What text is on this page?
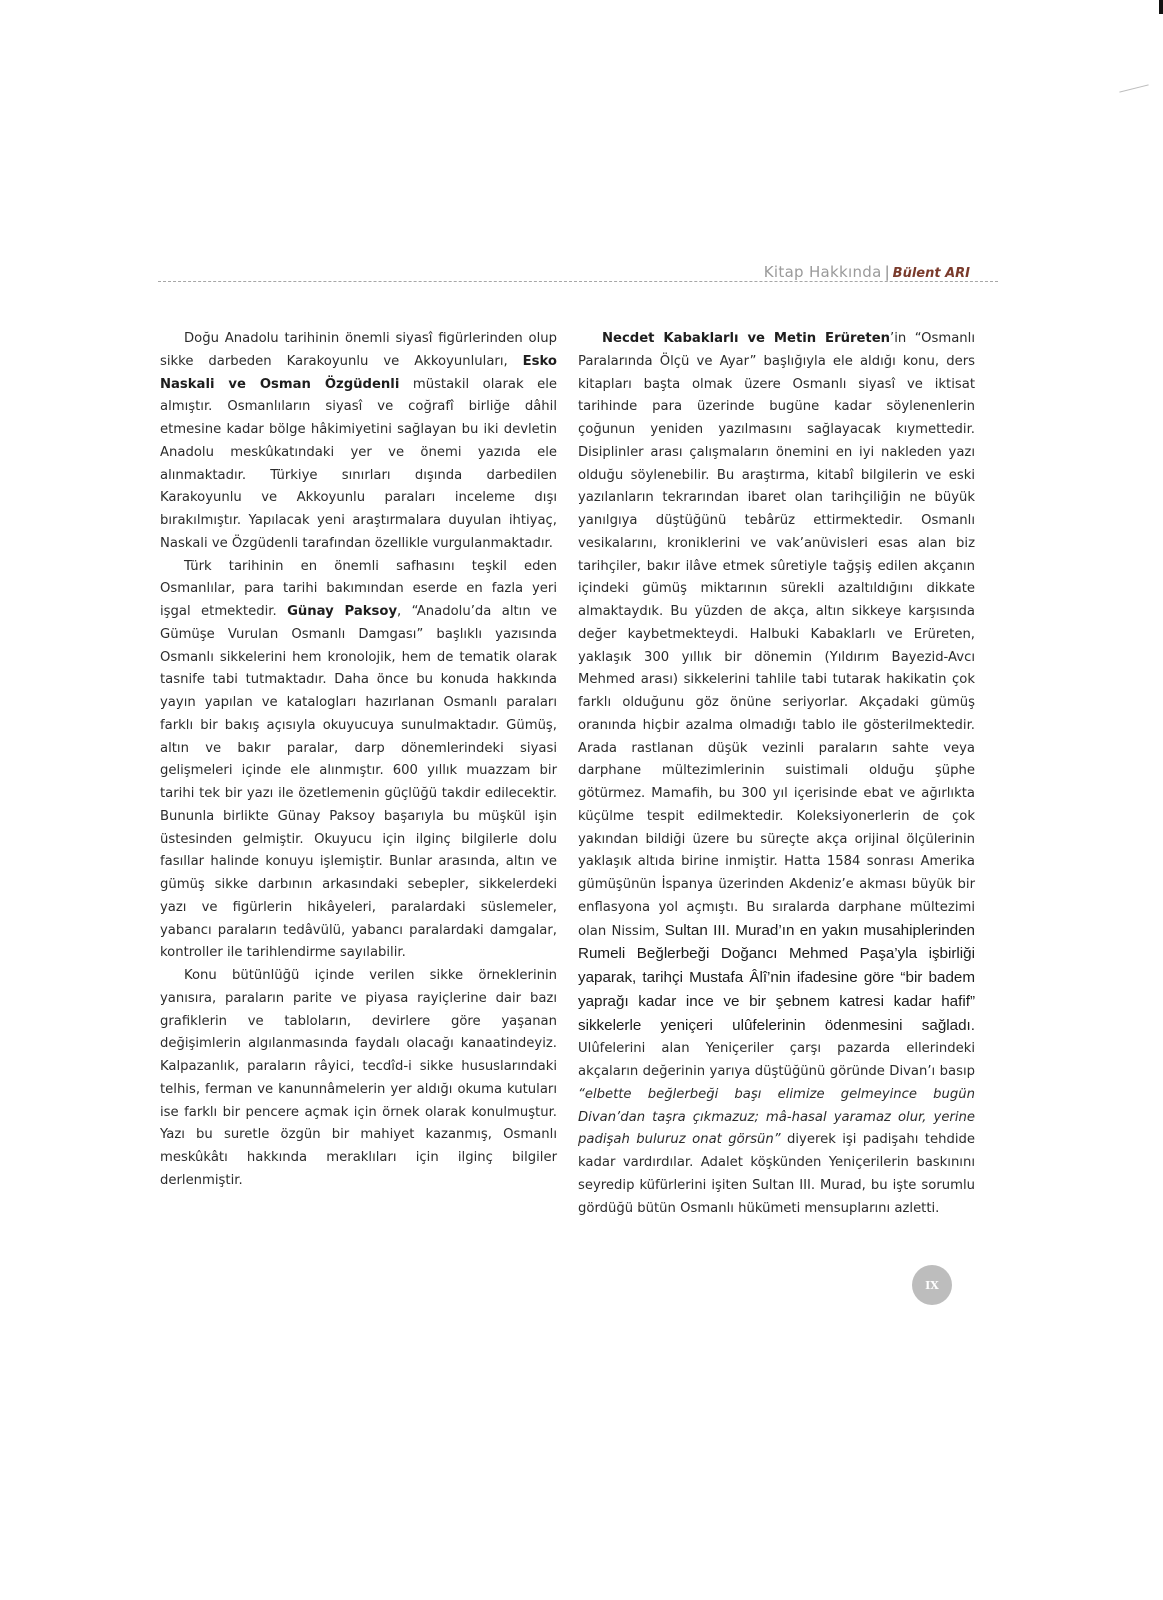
Kitap Hakkında | Bülent ARI

Doğu Anadolu tarihinin önemli siyasî figürlerinden olup sikke darbeden Karakoyunlu ve Akkoyunluları, Esko Naskali ve Osman Özgüdenli müstakil olarak ele almıştır. Osmanlıların siyasî ve coğrafî birliğe dâhil etmesine kadar bölge hâkimiyetini sağlayan bu iki devletin Anadolu meskûkatındaki yer ve önemi yazıda ele alınmaktadır. Türkiye sınırları dışında darbedilen Karakoyunlu ve Akkoyunlu paraları inceleme dışı bırakılmıştır. Yapılacak yeni araştırmalara duyulan ihtiyaç, Naskali ve Özgüdenli tarafından özellikle vurgulanmaktadır.

Türk tarihinin en önemli safhasını teşkil eden Osmanlılar, para tarihi bakımından eserde en fazla yeri işgal etmektedir. Günay Paksoy, “Anadolu’da altın ve Gümüşe Vurulan Osmanlı Damgası” başlıklı yazısında Osmanlı sikkelerini hem kronolojik, hem de tematik olarak tasnife tabi tutmaktadır. Daha önce bu konuda hakkında yayın yapılan ve katalogları hazırlanan Osmanlı paraları farklı bir bakış açısıyla okuyucuya sunulmaktadır. Gümüş, altın ve bakır paralar, darp dönemlerindeki siyasi gelişmeleri içinde ele alınmıştır. 600 yıllık muazzam bir tarihi tek bir yazı ile özetlemenin güçlüğü takdir edilecektir. Bununla birlikte Günay Paksoy başarıyla bu müşkül işin üstesinden gelmiştir. Okuyucu için ilginç bilgilerle dolu fasıllar halinde konuyu işlemiştir. Bunlar arasında, altın ve gümüş sikke darbının arkasındaki sebepler, sikkelerdeki yazı ve figürlerin hikâyeleri, paralardaki süslemeler, yabancı paraların tedâvülü, yabancı paralardaki damgalar, kontroller ile tarihlendirme sayılabilir.

Konu bütünlüğü içinde verilen sikke örneklerinin yanısıra, paraların parite ve piyasa rayiçlerine dair bazı grafiklerin ve tabloların, devirlere göre yaşanan değişimlerin algılanmasında faydalı olacağı kanaatindeyiz. Kalpazanlık, paraların râyici, tecdîd-i sikke hususlarındaki telhis, ferman ve kanunnâmelerin yer aldığı okuma kutuları ise farklı bir pencere açmak için örnek olarak konulmuştur. Yazı bu suretle özgün bir mahiyet kazanmış, Osmanlı meskûkâtı hakkında meraklıları için ilginç bilgiler derlenmiştir.

Necdet Kabaklarlı ve Metin Erüreten’in “Osmanlı Paralarında Ölçü ve Ayar” başlığıyla ele aldığı konu, ders kitapları başta olmak üzere Osmanlı siyasî ve iktisat tarihinde para üzerinde bugüne kadar söylenenlerin çoğunun yeniden yazılmasını sağlayacak kıymettedir. Disiplinler arası çalışmaların önemini en iyi nakleden yazı olduğu söylenebilir. Bu araştırma, kitabî bilgilerin ve eski yazılanların tekrarından ibaret olan tarihçiliğin ne büyük yanılgıya düştüğünü tebârüz ettirmektedir. Osmanlı vesikalarını, kroniklerini ve vak’anüvisleri esas alan biz tarihçiler, bakır ilâve etmek sûretiyle tağşiş edilen akçanın içindeki gümüş miktarının sürekli azaltıldığını dikkate almaktaydık. Bu yüzden de akça, altın sikkeye karşısında değer kaybetmekteydi. Halbuki Kabaklarlı ve Erüreten, yaklaşık 300 yıllık bir dönemin (Yıldırım Bayezid-Avcı Mehmed arası) sikkelerini tahlile tabi tutarak hakikatin çok farklı olduğunu göz önüne seriyorlar. Akçadaki gümüş oranında hiçbir azalma olmadığı tablo ile gösterilmektedir. Arada rastlanan düşük vezinli paraların sahte veya darphane mültezimlerinin suistimali olduğu şüphe götürmez. Mamafih, bu 300 yıl içerisinde ebat ve ağırlıkta küçülme tespit edilmektedir. Koleksiyonerlerin de çok yakından bildiği üzere bu süreçte akça orijinal ölçülerinin yaklaşık altıda birine inmiştir. Hatta 1584 sonrası Amerika gümüşünün İspanya üzerinden Akdeniz’e akması büyük bir enflasyona yol açmıştı. Bu sıralarda darphane mültezimi olan Nissim, Sultan III. Murad’ın en yakın musahiplerinden Rumeli Beğlerbeği Doğancı Mehmed Paşa’yla işbirliği yaparak, tarihçi Mustafa Âlî’nin ifadesine göre “bir badem yaprağı kadar ince ve bir şebnem katresi kadar hafif” sikkelerle yeniçeri ulûfelerinin ödenmesini sağladı. Ulûfelerini alan Yeniçeriler çarşı pazarda ellerindeki akçaların değerinin yarıya düştüğünü göründe Divan’ı basıp “elbette beğlerbeği başı elimize gelmeyince bugün Divan’dan taşra çıkmazuz; mâ-hasal yaramaz olur, yerine padişah buluruz onat görsün” diyerek işi padişahı tehdide kadar vardırdılar. Adalet köşkünden Yeniçerilerin baskınını seyredip küfürlerini işiten Sultan III. Murad, bu işte sorumlu gördüğü bütün Osmanlı hükümeti mensuplarını azletti.

IX
